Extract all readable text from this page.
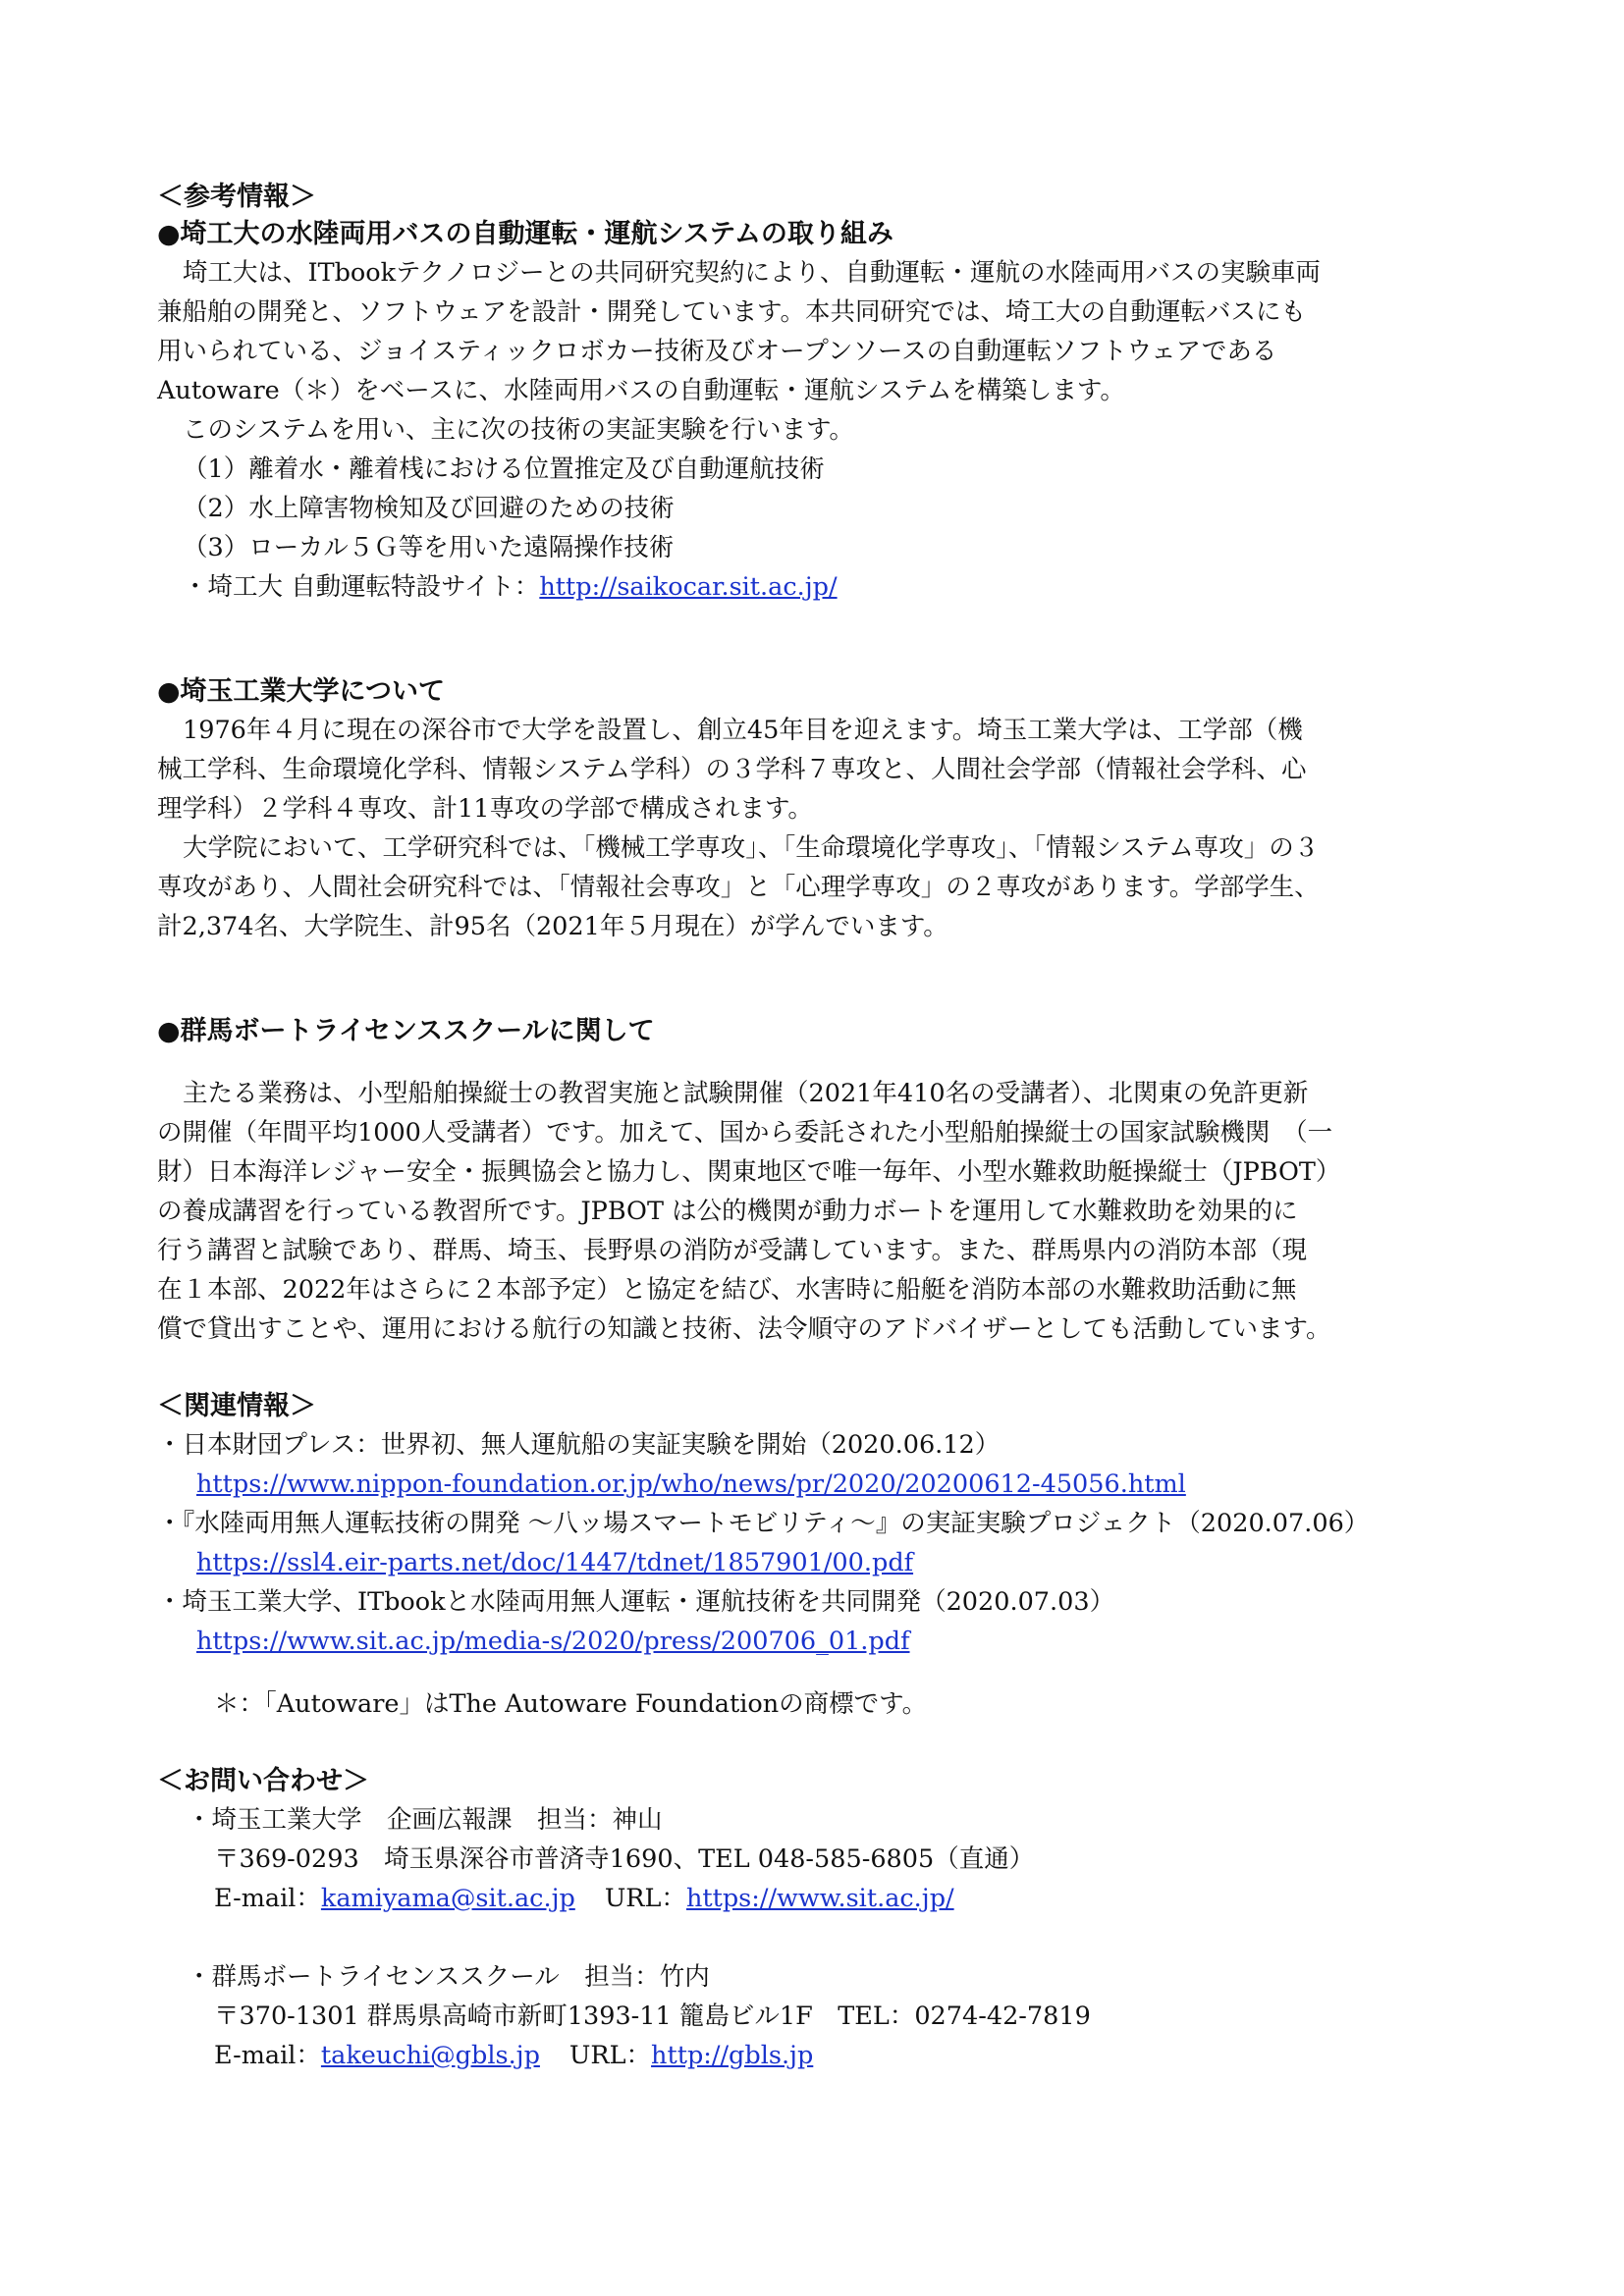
＜参考情報＞

●埼工大の水陸両用バスの自動運転・運航システムの取り組み

埼工大は、ITbookテクノロジーとの共同研究契約により、自動運転・運航の水陸両用バスの実験車両

兼船舶の開発と、ソフトウェアを設計・開発しています。本共同研究では、埼工大の自動運転バスにも

用いられている、ジョイスティックロボカー技術及びオープンソースの自動運転ソフトウェアである

Autoware（＊）をベースに、水陸両用バスの自動運転・運航システムを構築します。

このシステムを用い、主に次の技術の実証実験を行います。

（1）離着水・離着桟における位置推定及び自動運航技術

（2）水上障害物検知及び回避のための技術

（3）ローカル５Ｇ等を用いた遠隔操作技術

・埼工大 自動運転特設サイト：http://saikocar.sit.ac.jp/

●埼玉工業大学について

1976年４月に現在の深谷市で大学を設置し、創立45年目を迎えます。埼玉工業大学は、工学部（機

械工学科、生命環境化学科、情報システム学科）の３学科７専攻と、人間社会学部（情報社会学科、心

理学科）２学科４専攻、計11専攻の学部で構成されます。

大学院において、工学研究科では、「機械工学専攻」、「生命環境化学専攻」、「情報システム専攻」の３

専攻があり、人間社会研究科では、「情報社会専攻」と「心理学専攻」の２専攻があります。学部学生、

計2,374名、大学院生、計95名（2021年５月現在）が学んでいます。

●群馬ボートライセンススクールに関して

主たる業務は、小型船舶操縦士の教習実施と試験開催（2021年410名の受講者）、北関東の免許更新

の開催（年間平均1000人受講者）です。加えて、国から委託された小型船舶操縦士の国家試験機関　（一

財）日本海洋レジャー安全・振興協会と協力し、関東地区で唯一毎年、小型水難救助艇操縦士（JPBOT）

の養成講習を行っている教習所です。JPBOT は公的機関が動力ボートを運用して水難救助を効果的に

行う講習と試験であり、群馬、埼玉、長野県の消防が受講しています。また、群馬県内の消防本部（現

在１本部、2022年はさらに２本部予定）と協定を結び、水害時に船艇を消防本部の水難救助活動に無

償で貸出すことや、運用における航行の知識と技術、法令順守のアドバイザーとしても活動しています。

＜関連情報＞

・日本財団プレス：世界初、無人運航船の実証実験を開始（2020.06.12）

https://www.nippon-foundation.or.jp/who/news/pr/2020/20200612-45056.html

・『水陸両用無人運転技術の開発 ～八ッ場スマートモビリティ～』の実証実験プロジェクト（2020.07.06）

https://ssl4.eir-parts.net/doc/1447/tdnet/1857901/00.pdf

・埼玉工業大学、ITbookと水陸両用無人運転・運航技術を共同開発（2020.07.03）

https://www.sit.ac.jp/media-s/2020/press/200706_01.pdf

＊：「Autoware」はThe Autoware Foundationの商標です。

＜お問い合わせ＞

・埼玉工業大学　企画広報課　担当：神山

〒369-0293　埼玉県深谷市普済寺1690、TEL 048-585-6805（直通）

E-mail：kamiyama@sit.ac.jp URL：https://www.sit.ac.jp/

・群馬ボートライセンススクール　担当：竹内

〒370-1301 群馬県高崎市新町1393-11 籠島ビル1F　TEL：0274-42-7819

E-mail：takeuchi@gbls.jp URL：http://gbls.jp
